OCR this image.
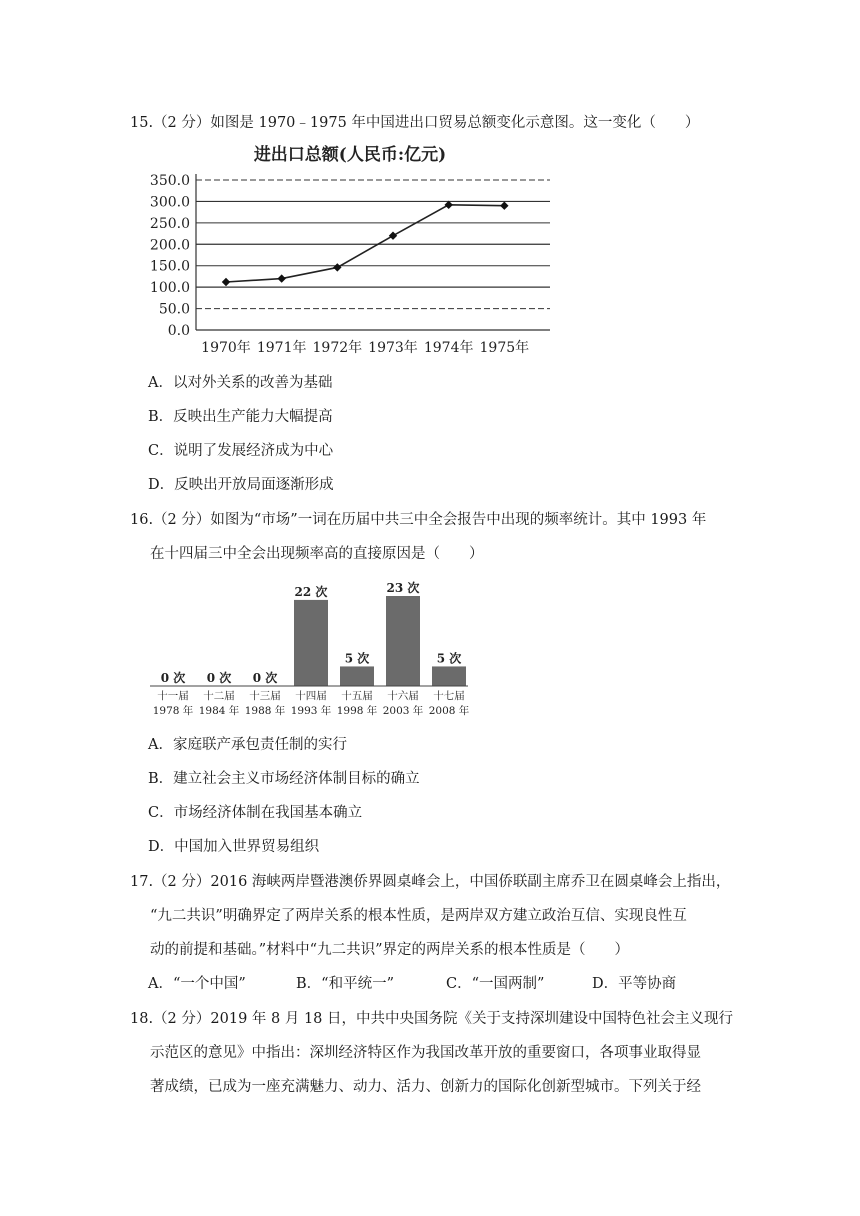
15.（2 分）如图是 1970﹣1975 年中国进出口贸易总额变化示意图。这一变化（　　）
进出口总额(人民币:亿元)
0.0
50.0
100.0
150.0
200.0
250.0
300.0
350.0
1970年 1971年 1972年 1973年 1974年 1975年
A．以对外关系的改善为基础
B．反映出生产能力大幅提高
C．说明了发展经济成为中心
D．反映出开放局面逐渐形成
16.（2 分）如图为“市场”一词在历届中共三中全会报告中出现的频率统计。其中 1993 年
在十四届三中全会出现频率高的直接原因是（　　）
0 次 0 次 0 次
22 次
5 次
23 次
5 次
十一届
1978 年
十二届
1984 年
十三届
1988 年
十四届
1993 年
十五届
1998 年
十六届
2003 年
十七届
2008 年
A．家庭联产承包责任制的实行
B．建立社会主义市场经济体制目标的确立
C．市场经济体制在我国基本确立
D．中国加入世界贸易组织
17.（2 分）2016 海峡两岸暨港澳侨界圆桌峰会上，中国侨联副主席乔卫在圆桌峰会上指出，
“九二共识”明确界定了两岸关系的根本性质，是两岸双方建立政治互信、实现良性互
动的前提和基础。”材料中“九二共识”界定的两岸关系的根本性质是（　　）
A．“一个中国”	B．“和平统一”	C．“一国两制”	D．平等协商
18.（2 分）2019 年 8 月 18 日，中共中央国务院《关于支持深圳建设中国特色社会主义现行
示范区的意见》中指出：深圳经济特区作为我国改革开放的重要窗口，各项事业取得显
著成绩，已成为一座充满魅力、动力、活力、创新力的国际化创新型城市。下列关于经
